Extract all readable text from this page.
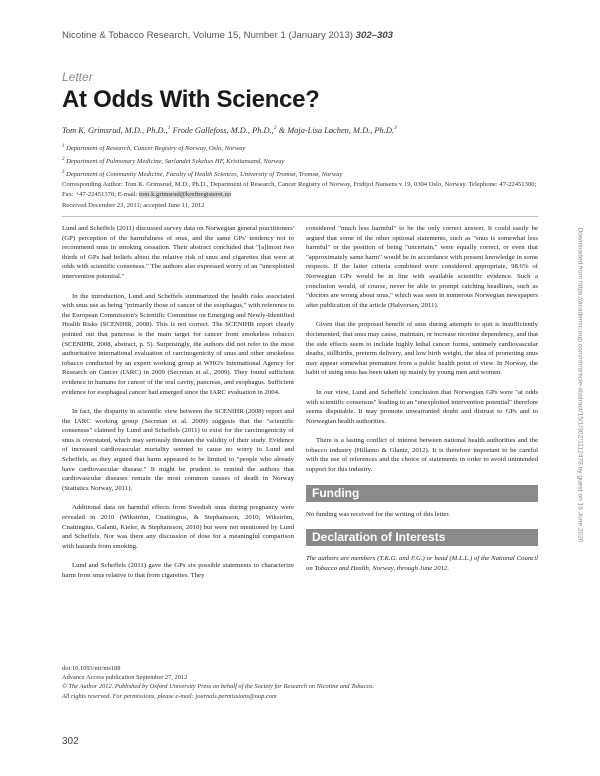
Nicotine & Tobacco Research, Volume 15, Number 1 (January 2013) 302–303
Letter
At Odds With Science?
Tom K. Grimsrud, M.D., Ph.D.,$^1$ Frode Gallefoss, M.D., Ph.D.,$^2$ & Maja-Lisa Løchen, M.D., Ph.D.$^3$
$^1$ Department of Research, Cancer Registry of Norway, Oslo, Norway
$^2$ Department of Pulmonary Medicine, Sørlandet Sykehus HF, Kristiansand, Norway
$^3$ Department of Community Medicine, Faculty of Health Sciences, University of Tromsø, Tromsø, Norway
Corresponding Author: Tom K. Grimsrud, M.D., Ph.D., Department of Research, Cancer Registry of Norway, Fridtjof Nansens v 19, 0304 Oslo, Norway. Telephone: 47-22451300; Fax: +47-22451370; E-mail: tom.k.grimsrud@kreftregisteret.no
Received December 23, 2011; accepted June 11, 2012

Lund and Scheffels (2011) discussed survey data on Norwegian general practitioners' (GP) perception of the harmfulness of snus, and the same GPs' tendency not to recommend snus in smoking cessation. Their abstract concluded that "[a]lmost two thirds of GPs had beliefs about the relative risk of snus and cigarettes that were at odds with scientific consensus." The authors also expressed worry of an "unexploited intervention potential."

In the introduction, Lund and Scheffels summarized the health risks associated with snus use as being "primarily those of cancer of the esophagus," with reference to the European Commission's Scientific Committee on Emerging and Newly-Identified Health Risks (SCENIHR, 2008). This is not correct. The SCENIHR report clearly pointed out that pancreas is the main target for cancer from smokeless tobacco (SCENIHR, 2008, abstract, p. 5). Surprisingly, the authors did not refer to the most authoritative international evaluation of carcinogenicity of snus and other smokeless tobacco conducted by an expert working group at WHO's International Agency for Research on Cancer (IARC) in 2009 (Secretan et al., 2009). They found sufficient evidence in humans for cancer of the oral cavity, pancreas, and esophagus. Sufficient evidence for esophageal cancer had emerged since the IARC evaluation in 2004.

In fact, the disparity in scientific view between the SCENIHR (2008) report and the IARC working group (Secretan et al. 2009) suggests that the "scientific consensus" claimed by Lund and Scheffels (2011) to exist for the carcinogenicity of snus is overstated, which may seriously threaten the validity of their study. Evidence of increased cardiovascular mortality seemed to cause no worry to Lund and Scheffels, as they argued that harm appeared to be limited to "people who already have cardiovascular disease." It might be prudent to remind the authors that cardiovascular diseases remain the most common causes of death in Norway (Statistics Norway, 2011).

Additional data on harmful effects from Swedish snus during pregnancy were revealed in 2010 (Wikström, Cnattingius, & Stephansson, 2010; Wikström, Cnattingius, Galanti, Kieler, & Stephansson, 2010) but were not mentioned by Lund and Scheffels. Nor was there any discussion of dose for a meaningful comparison with hazards from smoking.

Lund and Scheffels (2011) gave the GPs six possible statements to characterize harm from snus relative to that from cigarettes. They

considered "much less harmful" to be the only correct answer. It could easily be argued that some of the other optional statements, such as "snus is somewhat less harmful" or the position of being "uncertain," were equally correct, or even that "approximately same harm" would be in accordance with present knowledge in some respects. If the latter criteria combined were considered appropriate, 98.6% of Norwegian GPs would be in line with available scientific evidence. Such a conclusion would, of course, never be able to prompt catching headlines, such as "doctors are wrong about snus," which was seen in numerous Norwegian newspapers after publication of the article (Halvorsen, 2011).

Given that the proposed benefit of snus during attempts to quit is insufficiently documented, that snus may cause, maintain, or increase nicotine dependency, and that the side effects seem to include highly lethal cancer forms, untimely cardiovascular deaths, stillbirths, preterm delivery, and low birth weight, the idea of promoting snus may appear somewhat premature from a public health point of view. In Norway, the habit of using snus has been taken up mainly by young men and women.

In our view, Lund and Scheffels' conclusion that Norwegian GPs were "at odds with scientific consensus" leading to an "unexploited intervention potential" therefore seems disputable. It may promote unwarranted doubt and distrust to GPs and to Norwegian health authorities.

There is a lasting conflict of interest between national health authorities and the tobacco industry (Hillamo & Glantz, 2012). It is therefore important to be careful with the use of references and the choice of statements in order to avoid unintended support for this industry.

Funding

No funding was received for the writing of this letter.

Declaration of Interests

The authors are members (T.K.G. and F.G.) or head (M.L.L.) of the National Council on Tobacco and Health, Norway, through June 2012.

doi:10.1093/ntr/nts188
Advance Access publication September 27, 2012
© The Author 2012. Published by Oxford University Press on behalf of the Society for Research on Nicotine and Tobacco.
All rights reserved. For permissions, please e-mail: journals.permissions@oup.com
302
Downloaded from https://academic.oup.com/ntr/article-abstract/15/1/302/1112478 by guest on 16 June 2020
